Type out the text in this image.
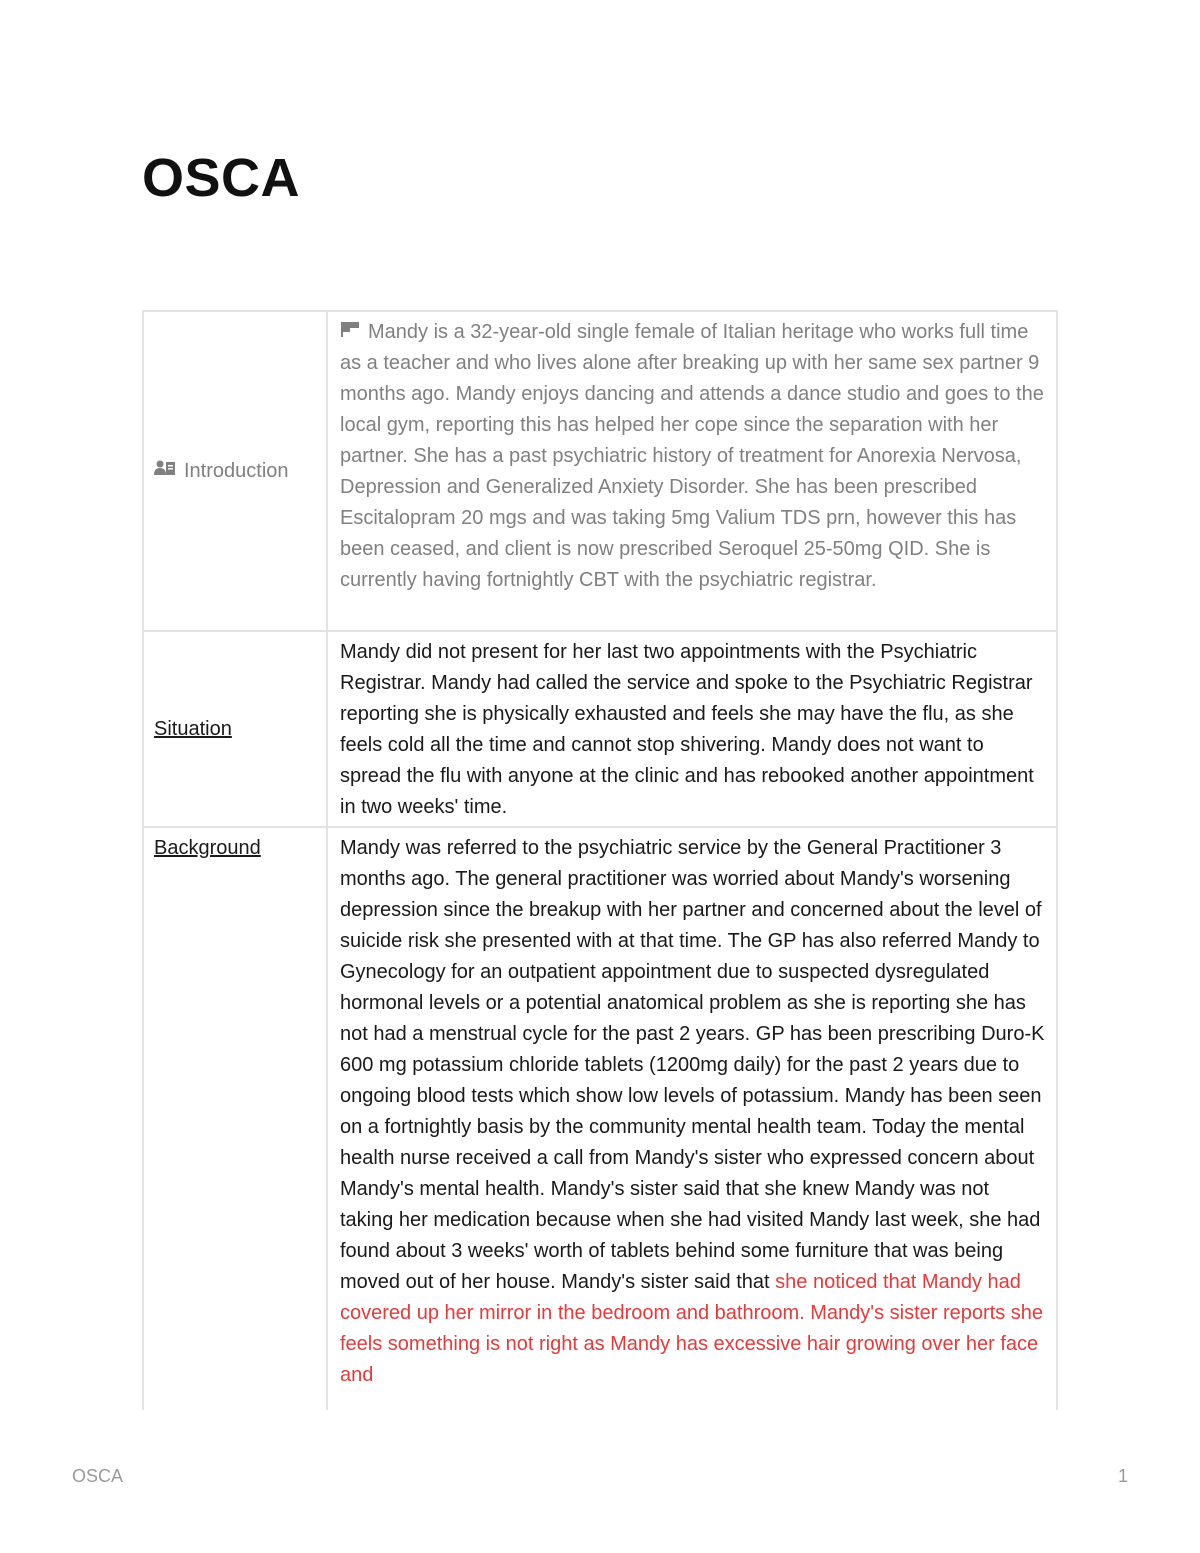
OSCA
Introduction
Mandy is a 32-year-old single female of Italian heritage who works full time as a teacher and who lives alone after breaking up with her same sex partner 9 months ago. Mandy enjoys dancing and attends a dance studio and goes to the local gym, reporting this has helped her cope since the separation with her partner. She has a past psychiatric history of treatment for Anorexia Nervosa, Depression and Generalized Anxiety Disorder. She has been prescribed Escitalopram 20 mgs and was taking 5mg Valium TDS prn, however this has been ceased, and client is now prescribed Seroquel 25-50mg QID. She is currently having fortnightly CBT with the psychiatric registrar.
Situation
Mandy did not present for her last two appointments with the Psychiatric Registrar. Mandy had called the service and spoke to the Psychiatric Registrar reporting she is physically exhausted and feels she may have the flu, as she feels cold all the time and cannot stop shivering. Mandy does not want to spread the flu with anyone at the clinic and has rebooked another appointment in two weeks' time.
Background	Mandy was referred to the psychiatric service by the General Practitioner 3 months ago. The general practitioner was worried about Mandy's worsening depression since the breakup with her partner and concerned about the level of suicide risk she presented with at that time. The GP has also referred Mandy to Gynecology for an outpatient appointment due to suspected dysregulated hormonal levels or a potential anatomical problem as she is reporting she has not had a menstrual cycle for the past 2 years. GP has been prescribing Duro-K 600 mg potassium chloride tablets (1200mg daily) for the past 2 years due to ongoing blood tests which show low levels of potassium. Mandy has been seen on a fortnightly basis by the community mental health team. Today the mental health nurse received a call from Mandy's sister who expressed concern about Mandy's mental health. Mandy's sister said that she knew Mandy was not taking her medication because when she had visited Mandy last week, she had found about 3 weeks' worth of tablets behind some furniture that was being moved out of her house. Mandy's sister said that she noticed that Mandy had covered up her mirror in the bedroom and bathroom. Mandy's sister reports she feels something is not right as Mandy has excessive hair growing over her face and
OSCA	1
